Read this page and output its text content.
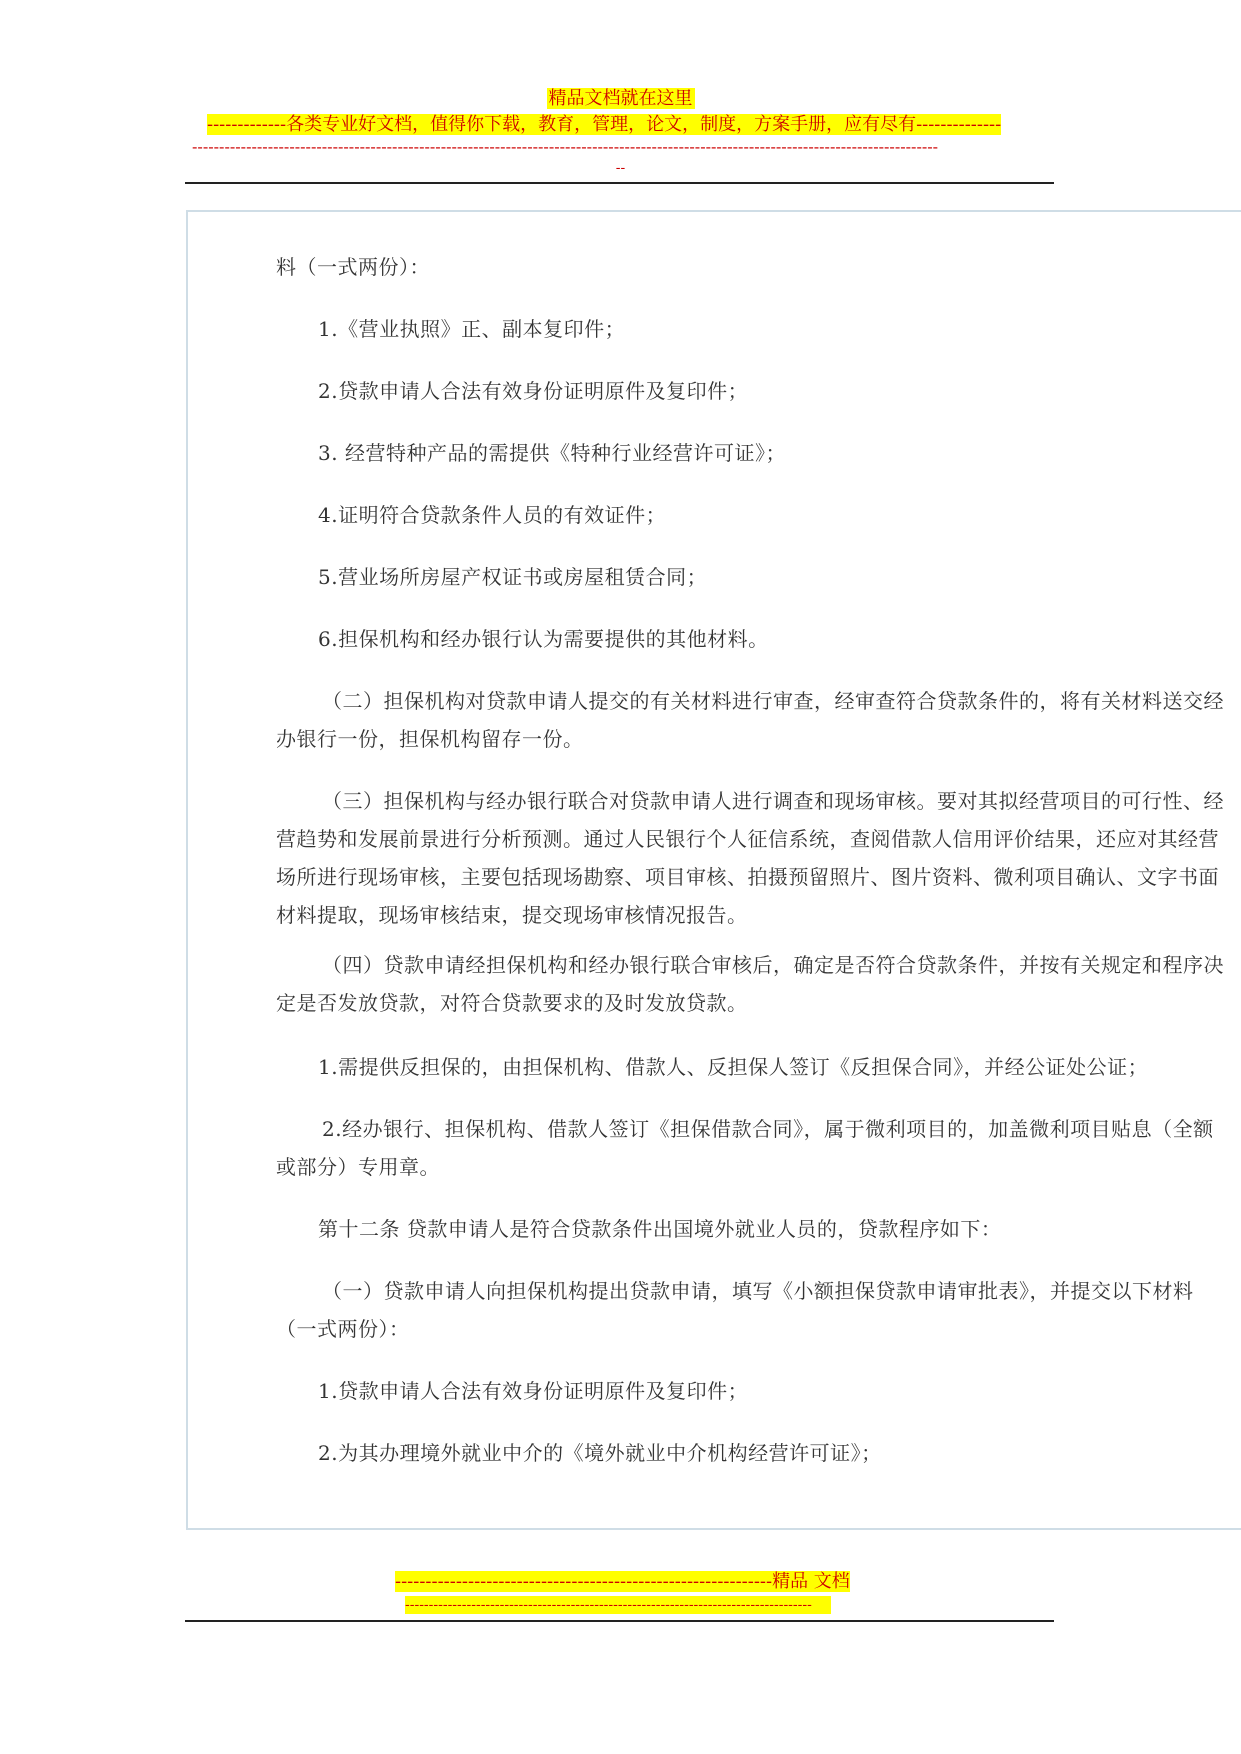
精品文档就在这里
-------------各类专业好文档，值得你下载，教育，管理，论文，制度，方案手册，应有尽有--------------
------------------------------------------------------------------------------------------------------------------------------------------
--

料（一式两份）：

1.《营业执照》正、副本复印件；

2.贷款申请人合法有效身份证明原件及复印件；

3. 经营特种产品的需提供《特种行业经营许可证》；

4.证明符合贷款条件人员的有效证件；

5.营业场所房屋产权证书或房屋租赁合同；

6.担保机构和经办银行认为需要提供的其他材料。

（二）担保机构对贷款申请人提交的有关材料进行审查，经审查符合贷款条件的，将有关材料送交经办银行一份，担保机构留存一份。

（三）担保机构与经办银行联合对贷款申请人进行调查和现场审核。要对其拟经营项目的可行性、经营趋势和发展前景进行分析预测。通过人民银行个人征信系统，查阅借款人信用评价结果，还应对其经营场所进行现场审核，主要包括现场勘察、项目审核、拍摄预留照片、图片资料、微利项目确认、文字书面材料提取，现场审核结束，提交现场审核情况报告。

（四）贷款申请经担保机构和经办银行联合审核后，确定是否符合贷款条件，并按有关规定和程序决定是否发放贷款，对符合贷款要求的及时发放贷款。

1.需提供反担保的，由担保机构、借款人、反担保人签订《反担保合同》，并经公证处公证；

2.经办银行、担保机构、借款人签订《担保借款合同》，属于微利项目的，加盖微利项目贴息（全额或部分）专用章。

第十二条 贷款申请人是符合贷款条件出国境外就业人员的，贷款程序如下：

（一）贷款申请人向担保机构提出贷款申请，填写《小额担保贷款申请审批表》，并提交以下材料（一式两份）：

1.贷款申请人合法有效身份证明原件及复印件；

2.为其办理境外就业中介的《境外就业中介机构经营许可证》；

--------------------------------------------------------------精品 文档
--------------------------------------------------------------------------------------
